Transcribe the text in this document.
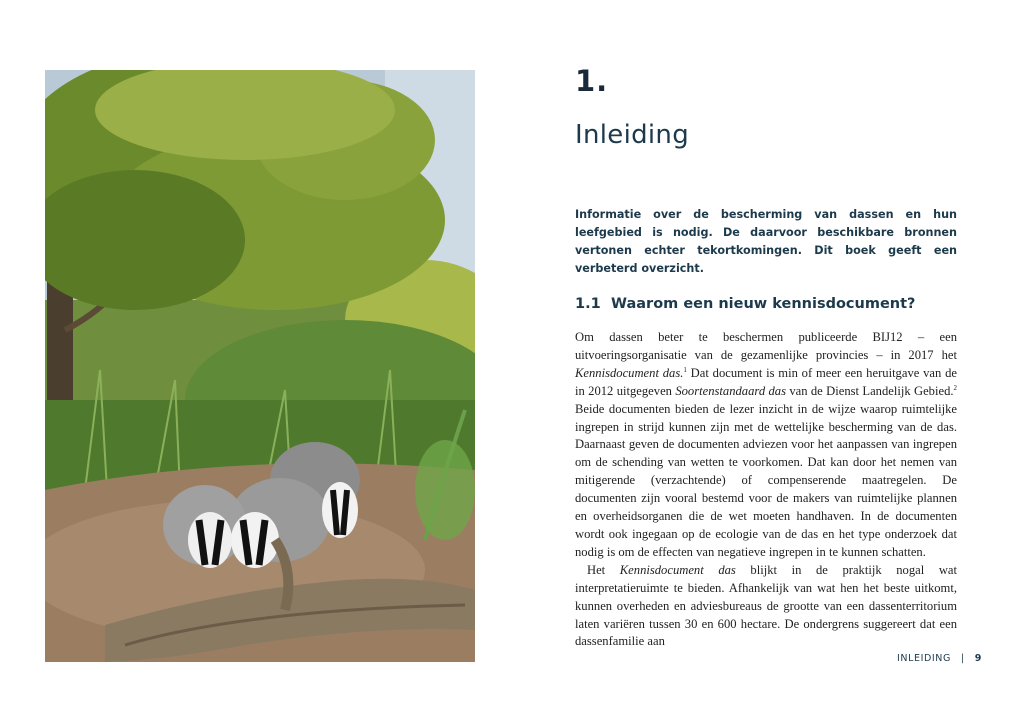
1.
Inleiding

Informatie over de bescherming van dassen en hun leefgebied is nodig. De daarvoor beschikbare bronnen vertonen echter tekortkomingen. Dit boek geeft een verbeterd overzicht.

1.1 Waarom een nieuw kennisdocument?

Om dassen beter te beschermen publiceerde BIJ12 – een uitvoeringsorganisatie van de gezamenlijke provincies – in 2017 het Kennisdocument das.$^1$ Dat document is min of meer een heruitgave van de in 2012 uitgegeven Soortenstandaard das van de Dienst Landelijk Gebied.$^2$ Beide documenten bieden de lezer inzicht in de wijze waarop ruimtelijke ingrepen in strijd kunnen zijn met de wettelijke bescherming van de das. Daarnaast geven de documenten adviezen voor het aanpassen van ingrepen om de schending van wetten te voorkomen. Dat kan door het nemen van mitigerende (verzachtende) of compenserende maatregelen. De documenten zijn vooral bestemd voor de makers van ruimtelijke plannen en overheidsorganen die de wet moeten handhaven. In de documenten wordt ook ingegaan op de ecologie van de das en het type onderzoek dat nodig is om de effecten van negatieve ingrepen in te kunnen schatten.

Het Kennisdocument das blijkt in de praktijk nogal wat interpretatieruimte te bieden. Afhankelijk van wat hen het beste uitkomt, kunnen overheden en adviesbureaus de grootte van een dassenterritorium laten variëren tussen 30 en 600 hectare. De ondergrens suggereert dat een dassenfamilie aan

INLEIDING | 9
